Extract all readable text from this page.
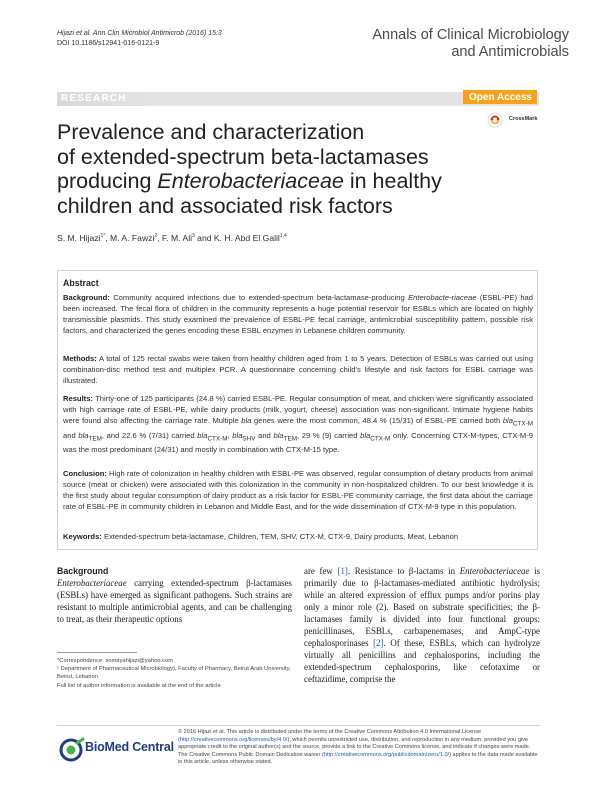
Hijazi et al. Ann Clin Microbiol Antimicrob (2016) 15:3
DOI 10.1186/s12941-016-0121-9
Annals of Clinical Microbiology
and Antimicrobials
RESEARCH	Open Access
CrossMark
Prevalence and characterization
of extended-spectrum beta-lactamases
producing Enterobacteriaceae in healthy
children and associated risk factors
S. M. Hijazi$^{1*}$, M. A. Fawzi$^2$, F. M. Ali$^3$ and K. H. Abd El Galil$^{1,4}$
Abstract
Background: Community acquired infections due to extended-spectrum beta-lactamase-producing Enterobacte-riaceae (ESBL-PE) had been increased. The fecal flora of children in the community represents a huge potential reservoir for ESBLs which are located on highly transmissible plasmids. This study examined the prevalence of ESBL-PE fecal carriage, antimicrobial susceptibility pattern, possible risk factors, and characterized the genes encoding these ESBL enzymes in Lebanese children community.
Methods: A total of 125 rectal swabs were taken from healthy children aged from 1 to 5 years. Detection of ESBLs was carried out using combination-disc method test and multiplex PCR. A questionnaire concerning child’s lifestyle and risk factors for ESBL carriage was illustrated.
Results: Thirty-one of 125 participants (24.8 %) carried ESBL-PE. Regular consumption of meat, and chicken were significantly associated with high carriage rate of ESBL-PE, while dairy products (milk, yogurt, cheese) association was non-significant. Intimate hygiene habits were found also affecting the carriage rate. Multiple bla genes were the most common, 48.4 % (15/31) of ESBL-PE carried both bla$_{CTX-M}$ and bla$_{TEM}$, and 22.6 % (7/31) carried bla$_{CTX-M}$, bla$_{SHV}$ and bla$_{TEM}$, 29 % (9) carried bla$_{CTX-M}$ only. Concerning CTX-M-types, CTX-M-9 was the most predominant (24/31) and mostly in combination with CTX-M-15 type.
Conclusion: High rate of colonization in healthy children with ESBL-PE was observed, regular consumption of dietary products from animal source (meat or chicken) were associated with this colonization in the community in non-hospitalized children. To our best knowledge it is the first study about regular consumption of dairy product as a risk factor for ESBL-PE community carriage, the first data about the carriage rate of ESBL-PE in community children in Lebanon and Middle East, and for the wide dissemination of CTX-M-9 type in this population.
Keywords: Extended-spectrum beta-lactamase, Children, TEM, SHV, CTX-M, CTX-9, Dairy products, Meat, Lebanon
Background
Enterobacteriaceae carrying extended-spectrum β-lactamases (ESBLs) have emerged as significant pathogens. Such strains are resistant to multiple antimicrobial agents, and can be challenging to treat, as their therapeutic options
are few [1]. Resistance to β-lactams in Enterobacteriaceae is primarily due to β-lactamases-mediated antibiotic hydrolysis; while an altered expression of efflux pumps and/or porins play only a minor role (2). Based on substrate specificities; the β-lactamases family is divided into four functional groups: penicillinases, ESBLs, carbapenemases, and AmpC-type cephalosporinases [2]. Of these, ESBLs, which can hydrolyze virtually all penicillins and cephalosporins, including the extended-spectrum cephalosporins, like cefotaxime or ceftazidime, comprise the
*Correspondence: somayahijazi@yahoo.com
¹ Department of Pharmaceutical Microbiology), Faculty of Pharmacy, Beirut Arab University, Beirut, Lebanon
Full list of author information is available at the end of the article
BioMed Central
© 2016 Hijazi et al. This article is distributed under the terms of the Creative Commons Attribution 4.0 International License (http://creativecommons.org/licenses/by/4.0/), which permits unrestricted use, distribution, and reproduction in any medium, provided you give appropriate credit to the original author(s) and the source, provide a link to the Creative Commons license, and indicate if changes were made. The Creative Commons Public Domain Dedication waiver (http://creativecommons.org/publicdomain/zero/1.0/) applies to the data made available in this article, unless otherwise stated.
